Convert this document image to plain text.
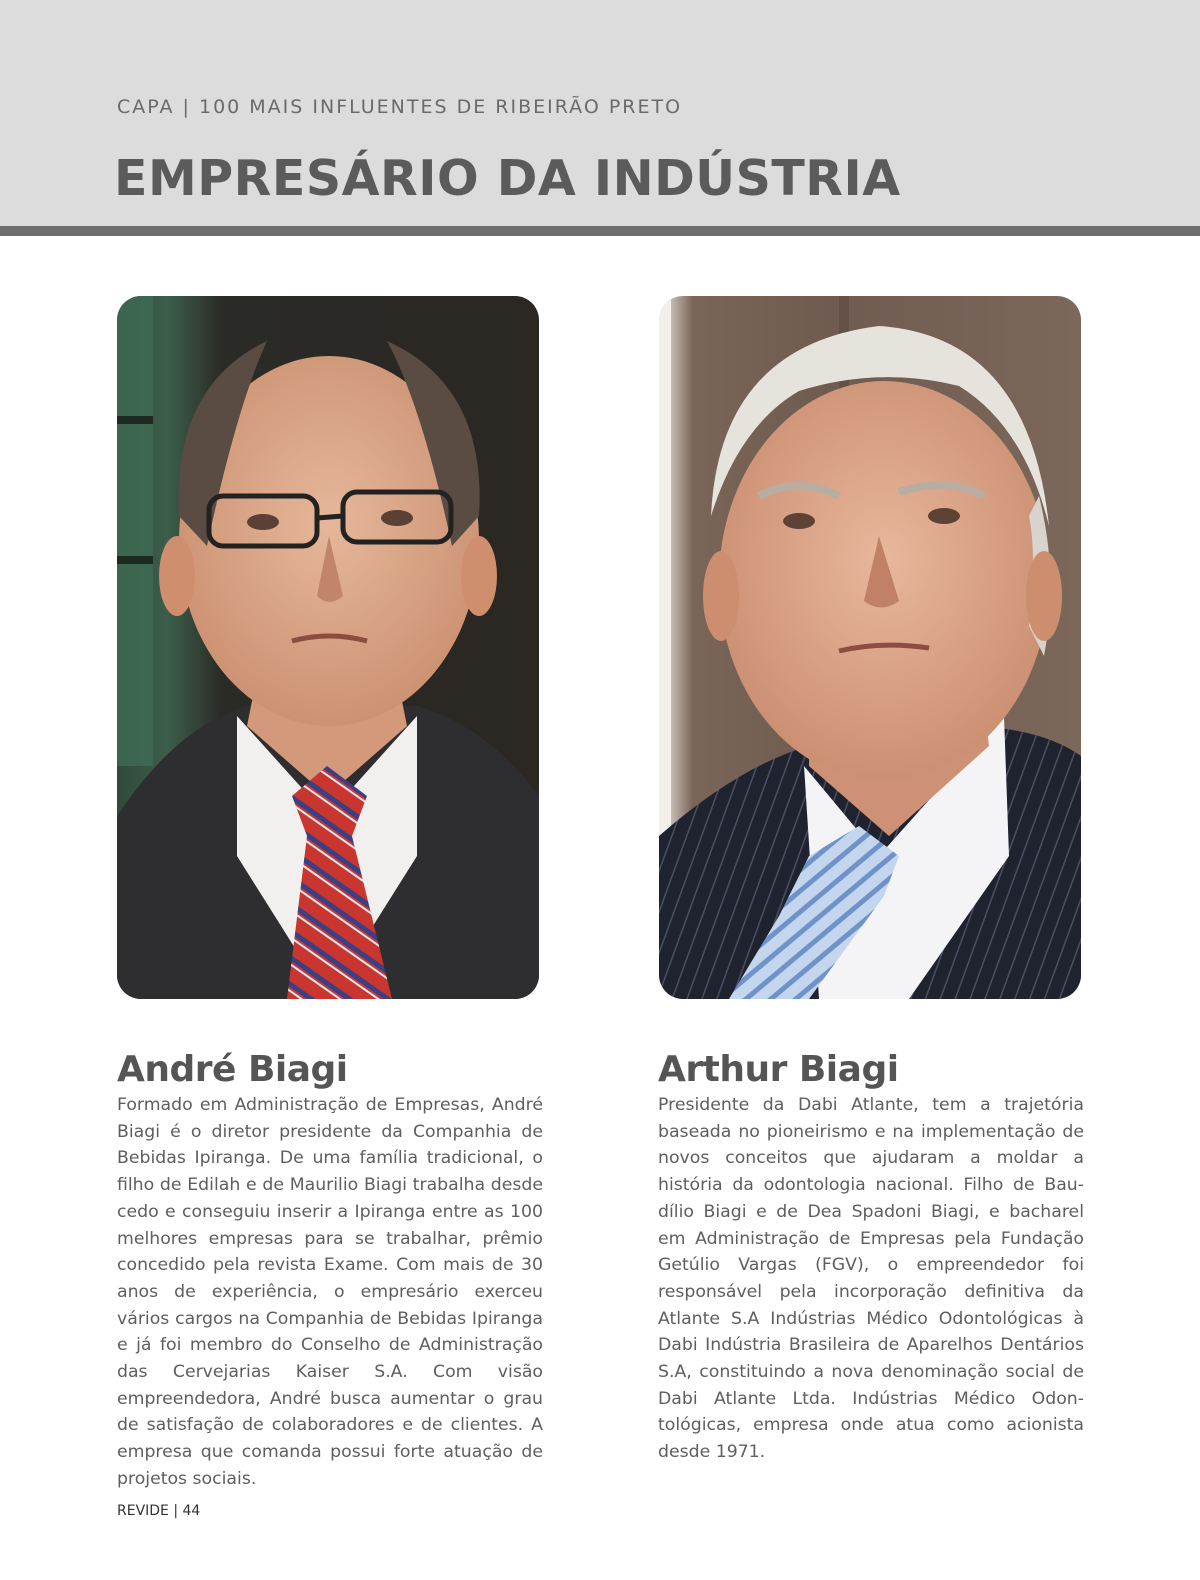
CAPA | 100 MAIS INFLUENTES DE RIBEIRÃO PRETO
EMPRESÁRIO DA INDÚSTRIA
André Biagi

Formado em Administração de Empresas, André Biagi é o diretor presidente da Companhia de Bebidas Ipiranga. De uma família tradicional, o filho de Edilah e de Maurilio Biagi trabalha desde cedo e conseguiu inserir a Ipiranga entre as 100 melhores empresas para se trabalhar, prêmio concedido pela revista Exame. Com mais de 30 anos de experiência, o empresário exerceu vários cargos na Companhia de Bebidas Ipiranga e já foi membro do Conselho de Administração das Cervejarias Kaiser S.A. Com visão empreendedora, André busca aumentar o grau de satisfação de colaboradores e de clientes. A empresa que comanda possui forte atuação de projetos sociais.

Arthur Biagi

Presidente da Dabi Atlante, tem a trajetória baseada no pioneirismo e na implementação de novos conceitos que ajudaram a moldar a história da odontologia nacional. Filho de Baudílio Biagi e de Dea Spadoni Biagi, e bacharel em Administração de Empresas pela Fundação Getúlio Vargas (FGV), o empreendedor foi responsável pela incorporação definitiva da Atlante S.A Indústrias Médico Odontológicas à Dabi Indústria Brasileira de Aparelhos Dentários S.A, constituindo a nova denominação social de Dabi Atlante Ltda. Indústrias Médico Odontológicas, empresa onde atua como acionista desde 1971.

REVIDE | 44
